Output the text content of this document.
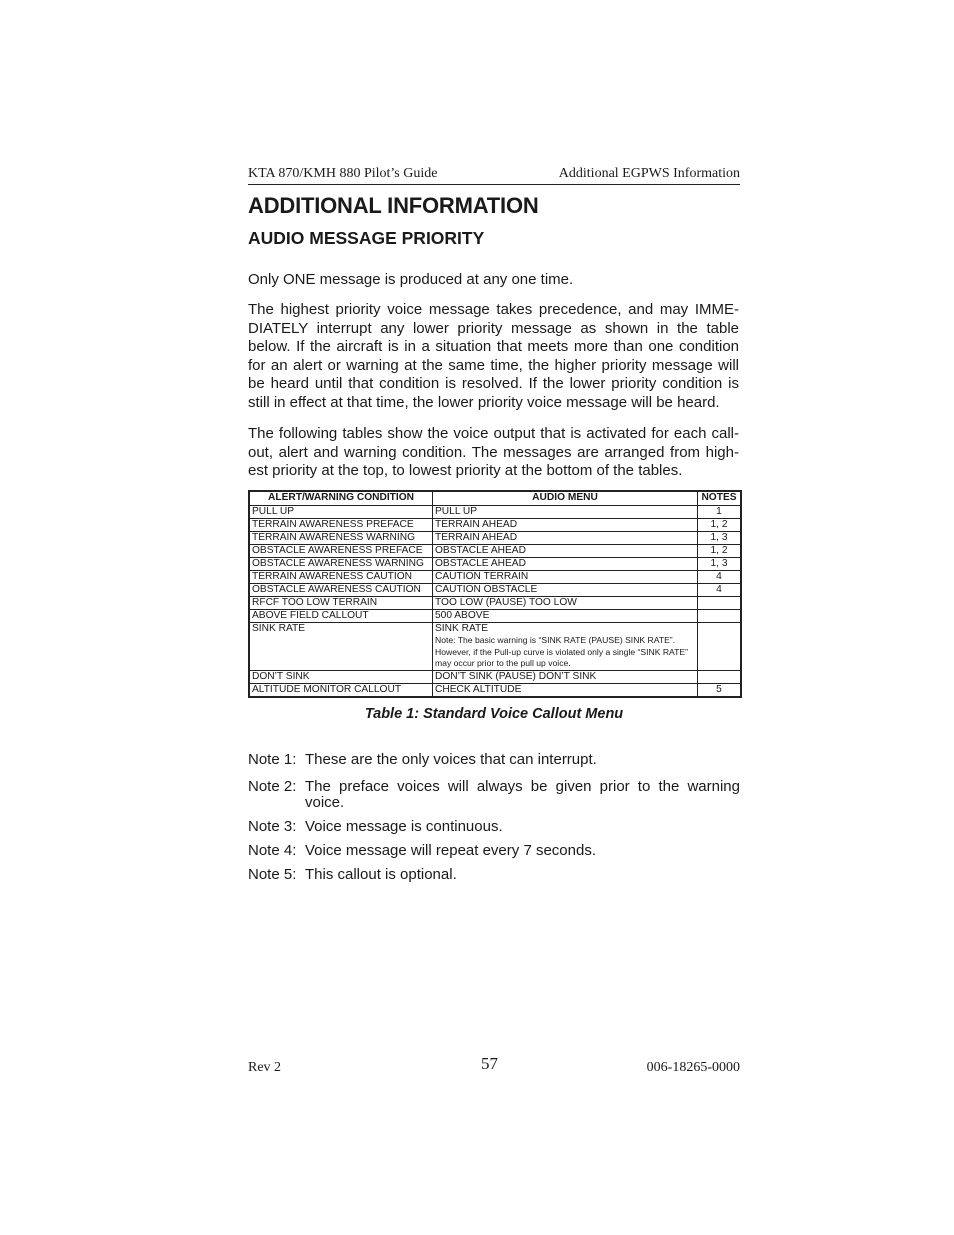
KTA 870/KMH 880 Pilot’s Guide	Additional EGPWS Information
ADDITIONAL INFORMATION
AUDIO MESSAGE PRIORITY
Only ONE message is produced at any one time.
The highest priority voice message takes precedence, and may IMME-DIATELY interrupt any lower priority message as shown in the table below. If the aircraft is in a situation that meets more than one condition for an alert or warning at the same time, the higher priority message will be heard until that condition is resolved. If the lower priority condition is still in effect at that time, the lower priority voice message will be heard.
The following tables show the voice output that is activated for each call-out, alert and warning condition. The messages are arranged from high-est priority at the top, to lowest priority at the bottom of the tables.
ALERT/WARNING CONDITION	AUDIO MENU	NOTES
PULL UP	PULL UP	1
TERRAIN AWARENESS PREFACE	TERRAIN AHEAD	1, 2
TERRAIN AWARENESS WARNING	TERRAIN AHEAD	1, 3
OBSTACLE AWARENESS PREFACE	OBSTACLE AHEAD	1, 2
OBSTACLE AWARENESS WARNING	OBSTACLE AHEAD	1, 3
TERRAIN AWARENESS CAUTION	CAUTION TERRAIN	4
OBSTACLE AWARENESS CAUTION	CAUTION OBSTACLE	4
RFCF TOO LOW TERRAIN	TOO LOW (PAUSE) TOO LOW	
ABOVE FIELD CALLOUT	500 ABOVE	
SINK RATE	SINK RATE
Note: The basic warning is “SINK RATE (PAUSE) SINK RATE”. However, if the Pull-up curve is violated only a single “SINK RATE” may occur prior to the pull up voice.	

DON’T SINK	DON’T SINK (PAUSE) DON’T SINK	
ALTITUDE MONITOR CALLOUT	CHECK ALTITUDE	5
Table 1: Standard Voice Callout Menu
Note 1: These are the only voices that can interrupt.
Note 2: The preface voices will always be given prior to the warning voice.
Note 3: Voice message is continuous.
Note 4: Voice message will repeat every 7 seconds.
Note 5: This callout is optional.
Rev 2	57	006-18265-0000
